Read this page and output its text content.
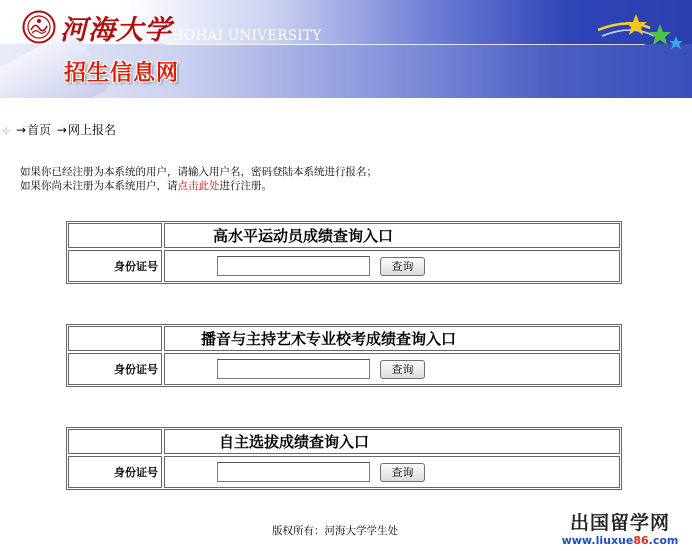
河海大学 HOHAI UNIVERSITY
招生信息网
⊹ →首页 →网上报名
如果你已经注册为本系统的用户，请输入用户名，密码登陆本系统进行报名；
如果你尚未注册为本系统用户，请点击此处进行注册。
高水平运动员成绩查询入口
身份证号	查询
播音与主持艺术专业校考成绩查询入口
身份证号	查询
自主选拔成绩查询入口
身份证号	查询
版权所有：河海大学学生处	出国留学网
www.liuxue86.com
